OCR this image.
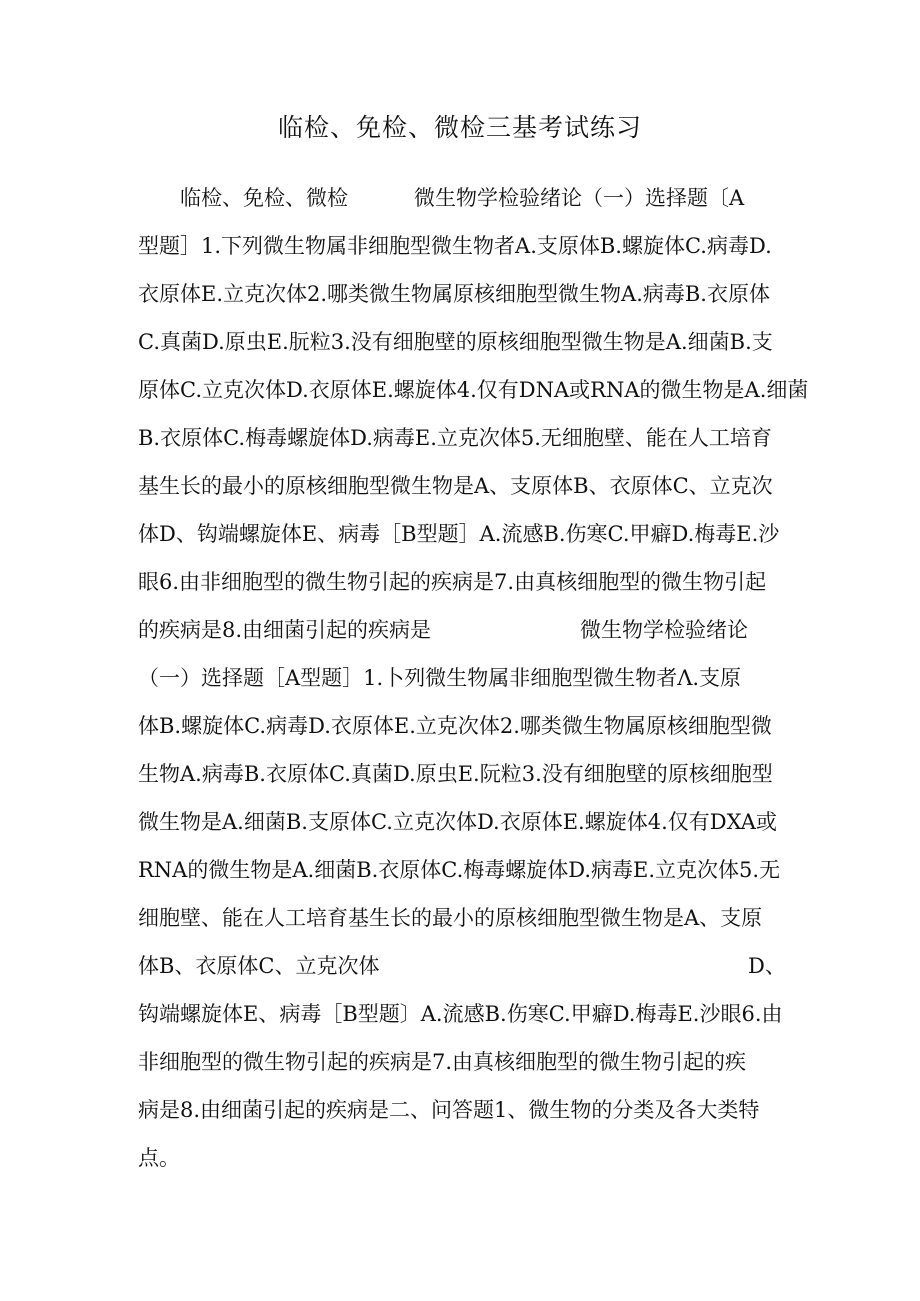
临检、免检、微检三基考试练习
临检、免检、微检	微生物学检验绪论（一）选择题〔A
型题］1.下列微生物属非细胞型微生物者A.支原体B.螺旋体C.病毒D.
衣原体E.立克次体2.哪类微生物属原核细胞型微生物A.病毒B.衣原体
C.真菌D.原虫E.朊粒3.没有细胞壁的原核细胞型微生物是A.细菌B.支
原体C.立克次体D.衣原体E.螺旋体4.仅有DNA或RNA的微生物是A.细菌
B.衣原体C.梅毒螺旋体D.病毒E.立克次体5.无细胞壁、能在人工培育
基生长的最小的原核细胞型微生物是A、支原体B、衣原体C、立克次
体D、钩端螺旋体E、病毒［B型题］A.流感B.伤寒C.甲癖D.梅毒E.沙
眼6.由非细胞型的微生物引起的疾病是7.由真核细胞型的微生物引起
的疾病是8.由细菌引起的疾病是	微生物学检验绪论
（一）选择题［A型题］1.卜列微生物属非细胞型微生物者Λ.支原
体B.螺旋体C.病毒D.衣原体E.立克次体2.哪类微生物属原核细胞型微
生物A.病毒B.衣原体C.真菌D.原虫E.阮粒3.没有细胞壁的原核细胞型
微生物是A.细菌B.支原体C.立克次体D.衣原体E.螺旋体4.仅有DXA或
RNA的微生物是A.细菌B.衣原体C.梅毒螺旋体D.病毒E.立克次体5.无
细胞壁、能在人工培育基生长的最小的原核细胞型微生物是A、支原
体B、衣原体C、立克次体	D、
钩端螺旋体E、病毒［B型题〕A.流感B.伤寒C.甲癖D.梅毒E.沙眼6.由
非细胞型的微生物引起的疾病是7.由真核细胞型的微生物引起的疾
病是8.由细菌引起的疾病是二、问答题1、微生物的分类及各大类特
点。
